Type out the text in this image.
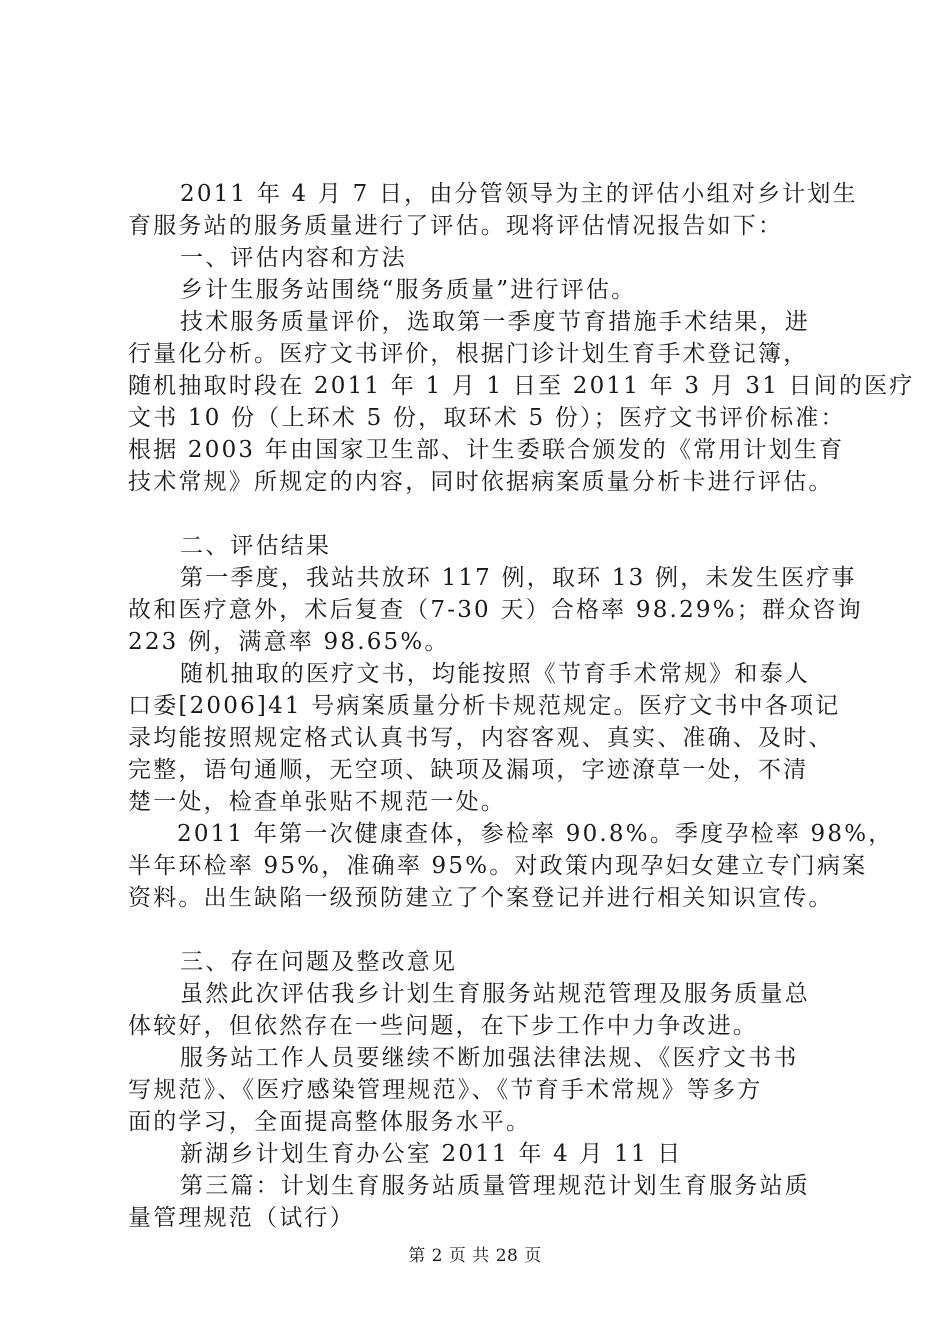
2011 年 4 月 7 日，由分管领导为主的评估小组对乡计划生
育服务站的服务质量进行了评估。现将评估情况报告如下：
一、评估内容和方法
乡计生服务站围绕“服务质量”进行评估。
技术服务质量评价，选取第一季度节育措施手术结果，进
行量化分析。医疗文书评价，根据门诊计划生育手术登记簿，
随机抽取时段在 2011 年 1 月 1 日至 2011 年 3 月 31 日间的医疗
文书 10 份（上环术 5 份，取环术 5 份）；医疗文书评价标准：
根据 2003 年由国家卫生部、计生委联合颁发的《常用计划生育
技术常规》所规定的内容，同时依据病案质量分析卡进行评估。
二、评估结果
第一季度，我站共放环 117 例，取环 13 例，未发生医疗事
故和医疗意外，术后复查（7-30 天）合格率 98.29%；群众咨询
223 例，满意率 98.65%。
随机抽取的医疗文书，均能按照《节育手术常规》和泰人
口委[2006]41 号病案质量分析卡规范规定。医疗文书中各项记
录均能按照规定格式认真书写，内容客观、真实、准确、及时、
完整，语句通顺，无空项、缺项及漏项，字迹潦草一处，不清
楚一处，检查单张贴不规范一处。
2011 年第一次健康查体，参检率 90.8%。季度孕检率 98%，
半年环检率 95%，准确率 95%。对政策内现孕妇女建立专门病案
资料。出生缺陷一级预防建立了个案登记并进行相关知识宣传。
三、存在问题及整改意见
虽然此次评估我乡计划生育服务站规范管理及服务质量总
体较好，但依然存在一些问题，在下步工作中力争改进。
服务站工作人员要继续不断加强法律法规、《医疗文书书
写规范》、《医疗感染管理规范》、《节育手术常规》等多方
面的学习，全面提高整体服务水平。
新湖乡计划生育办公室 2011 年 4 月 11 日
第三篇：计划生育服务站质量管理规范计划生育服务站质
量管理规范（试行）
第 2 页 共 28 页
